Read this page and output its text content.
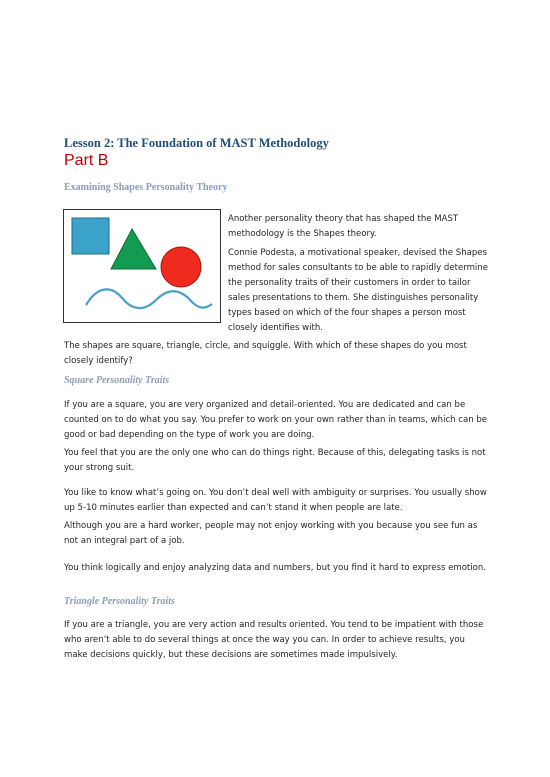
Lesson 2: The Foundation of MAST Methodology
Part B
Examining Shapes Personality Theory

Another personality theory that has shaped the MAST methodology is the Shapes theory.

Connie Podesta, a motivational speaker, devised the Shapes method for sales consultants to be able to rapidly determine the personality traits of their customers in order to tailor sales presentations to them. She distinguishes personality types based on which of the four shapes a person most closely identifies with.

The shapes are square, triangle, circle, and squiggle. With which of these shapes do you most closely identify?

Square Personality Traits

If you are a square, you are very organized and detail-oriented. You are dedicated and can be counted on to do what you say. You prefer to work on your own rather than in teams, which can be good or bad depending on the type of work you are doing.

You feel that you are the only one who can do things right. Because of this, delegating tasks is not your strong suit.

You like to know what’s going on. You don’t deal well with ambiguity or surprises. You usually show up 5-10 minutes earlier than expected and can’t stand it when people are late.

Although you are a hard worker, people may not enjoy working with you because you see fun as not an integral part of a job.

You think logically and enjoy analyzing data and numbers, but you find it hard to express emotion.

Triangle Personality Traits

If you are a triangle, you are very action and results oriented. You tend to be impatient with those who aren’t able to do several things at once the way you can. In order to achieve results, you make decisions quickly, but these decisions are sometimes made impulsively.
